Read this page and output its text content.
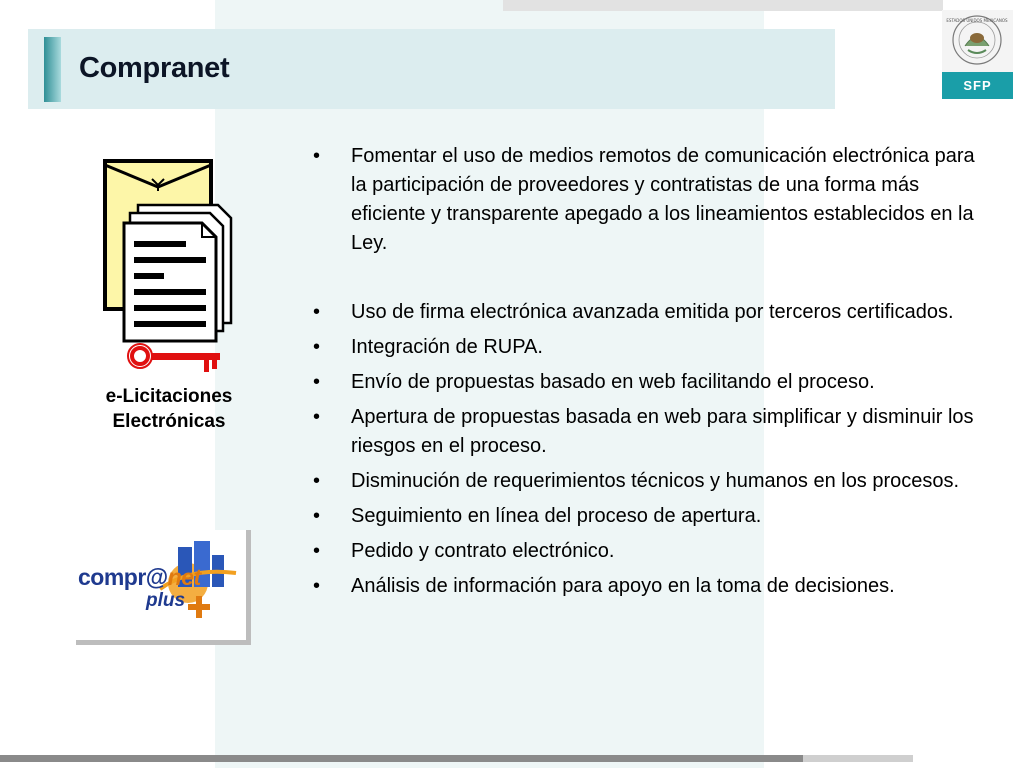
Compranet
ESTADOS UNIDOS MEXICANOS
SFP
e-Licitaciones
Electrónicas
compr@net
plus
• Fomentar el uso de medios remotos de comunicación electrónica para la participación de proveedores y contratistas de una forma más eficiente y transparente apegado a los lineamientos establecidos en la Ley.
• Uso de firma electrónica avanzada emitida por terceros certificados.
• Integración de RUPA.
• Envío de propuestas basado en web facilitando el proceso.
• Apertura de propuestas basada en web para simplificar y disminuir los riesgos en el proceso.
• Disminución de requerimientos técnicos y humanos en los procesos.
• Seguimiento en línea del proceso de apertura.
• Pedido y contrato electrónico.
• Análisis de información para apoyo en la toma de decisiones.
